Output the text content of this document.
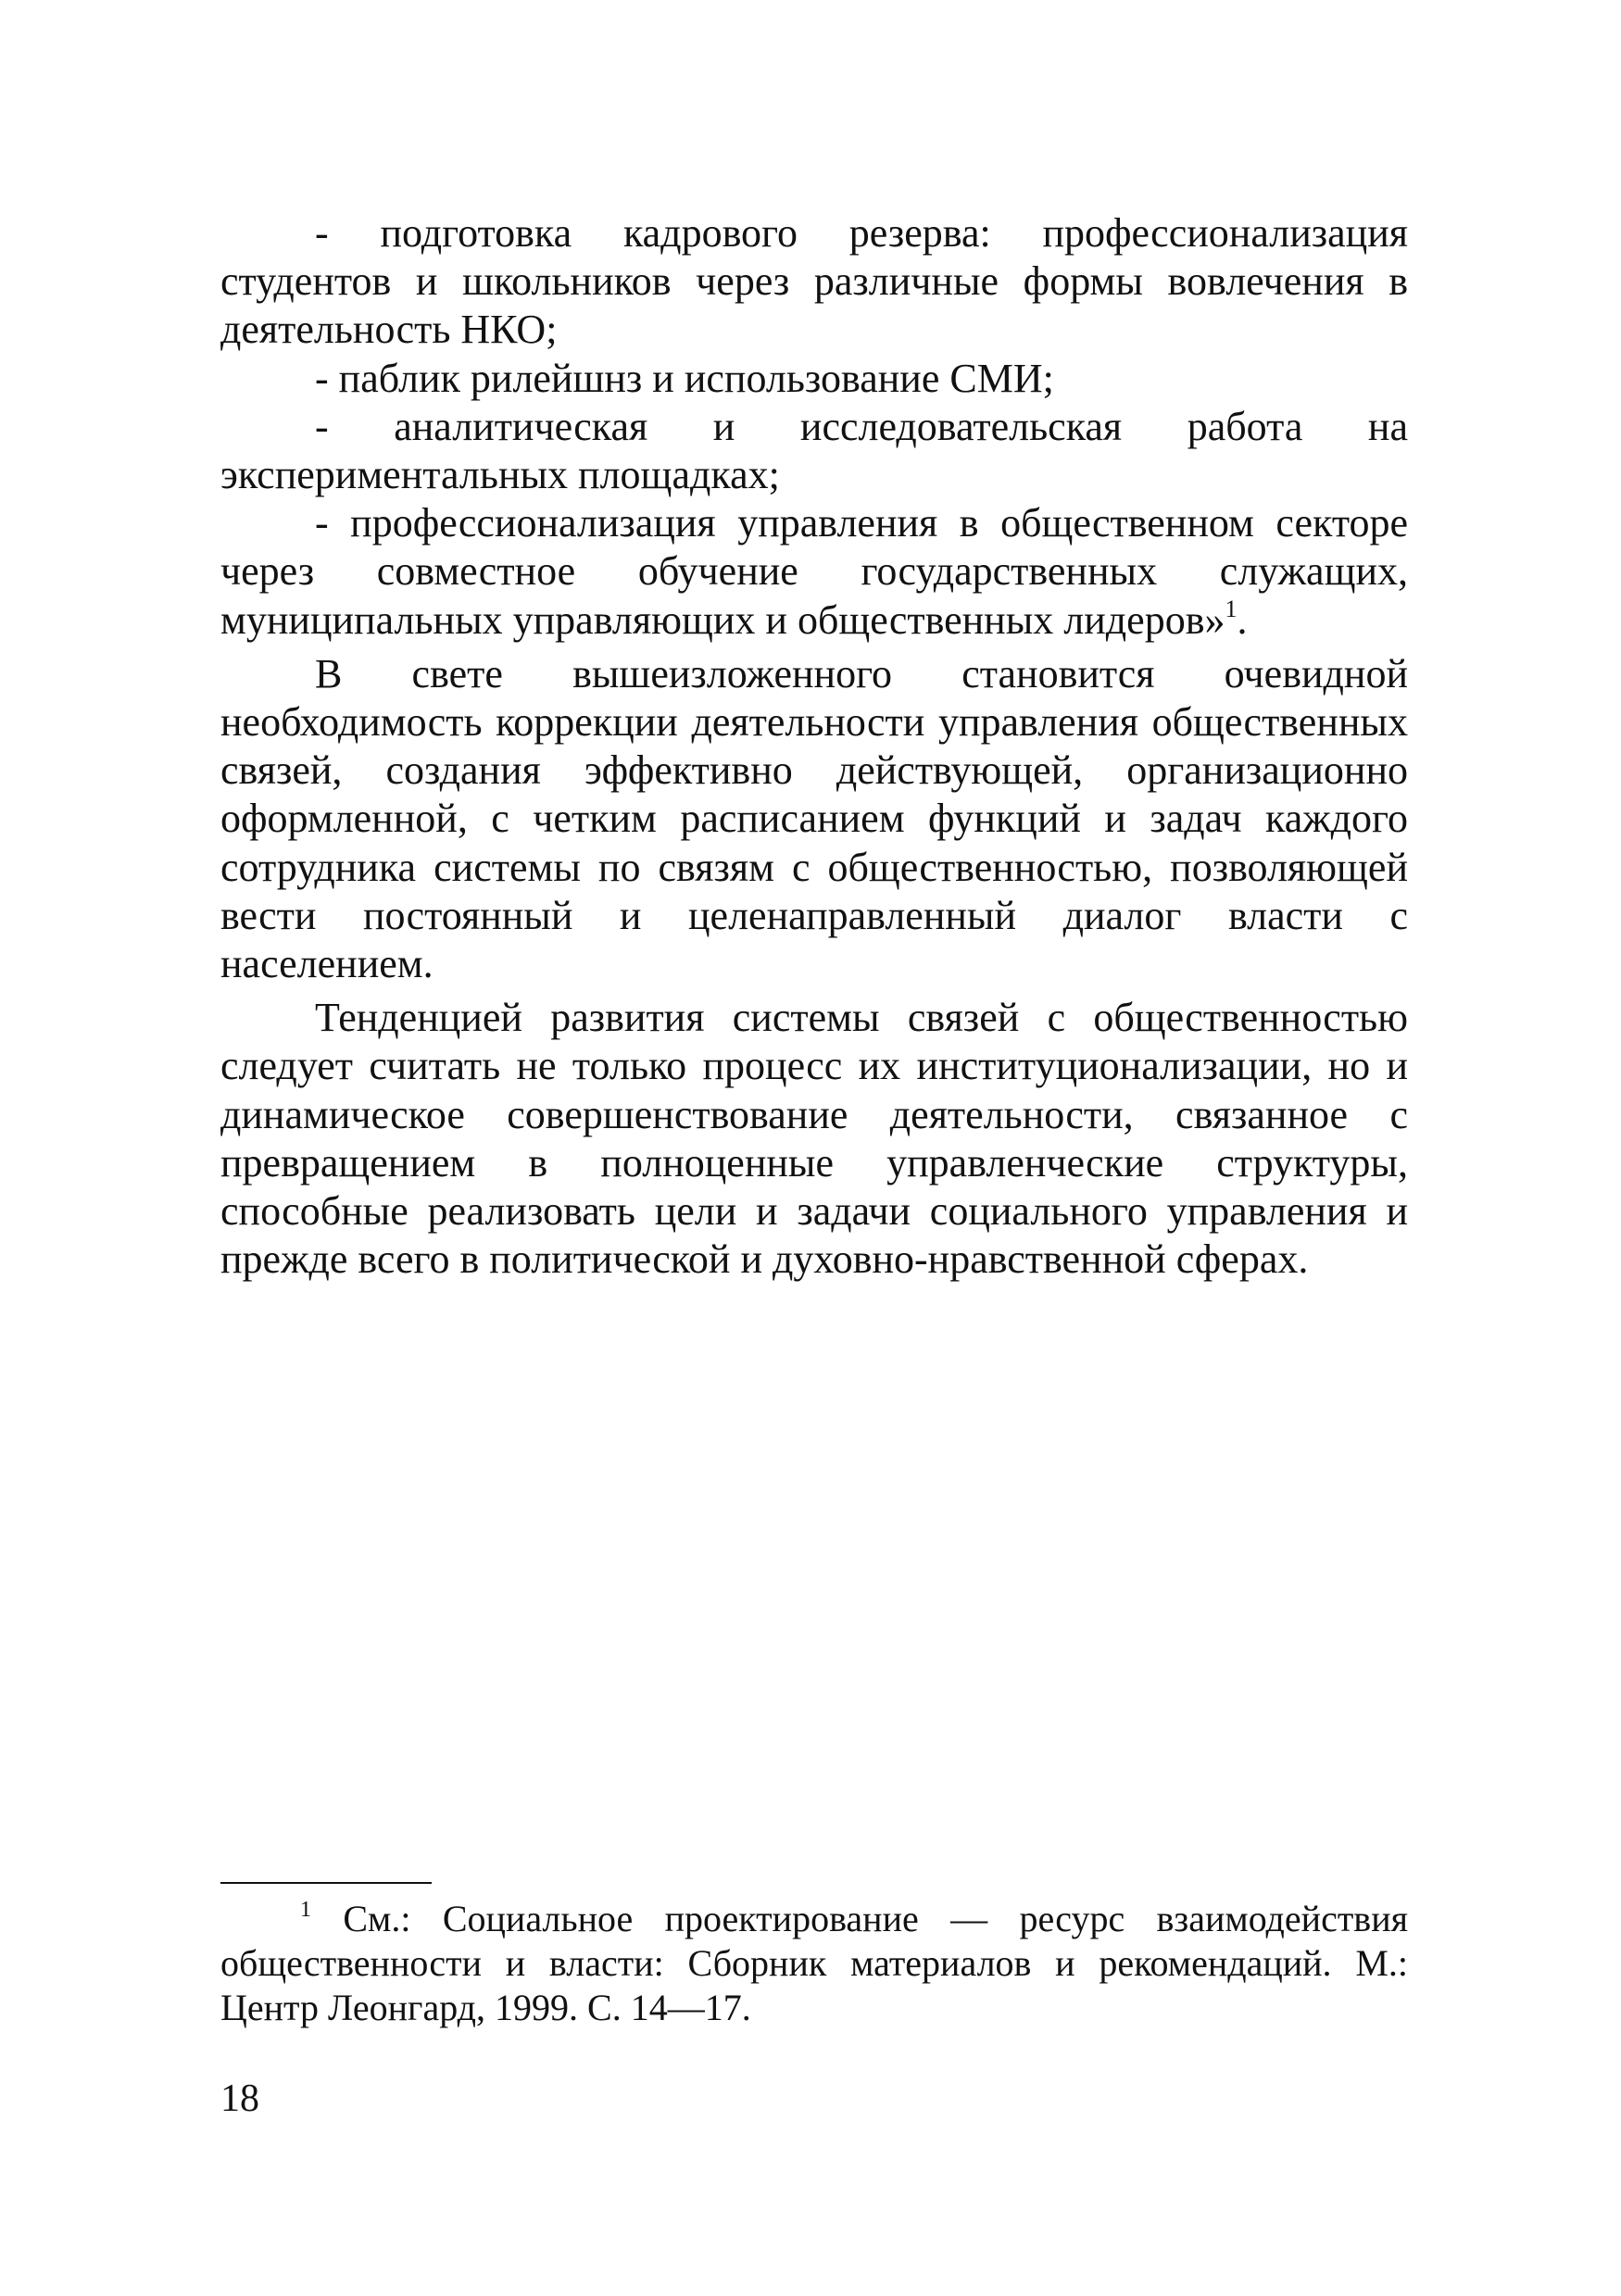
- подготовка кадрового резерва: профессионализация студентов и школьников через различные формы вовлечения в деятельность НКО;

- паблик рилейшнз и использование СМИ;

- аналитическая и исследовательская работа на экспериментальных площадках;

- профессионализация управления в общественном секторе через совместное обучение государственных служащих, муниципальных управляющих и общественных лидеров»$^1$.

В свете вышеизложенного становится очевидной необходимость коррекции деятельности управления общественных связей, создания эффективно действующей, организационно оформленной, с четким расписанием функций и задач каждого сотрудника системы по связям с общественностью, позволяющей вести постоянный и целенаправленный диалог власти с населением.

Тенденцией развития системы связей с общественностью следует считать не только процесс их институционализации, но и динамическое совершенствование деятельности, связанное с превращением в полноценные управленческие структуры, способные реализовать цели и задачи социального управления и прежде всего в политической и духовно-нравственной сферах.

$^1$ См.: Социальное проектирование — ресурс взаимодействия общественности и власти: Сборник материалов и рекомендаций. М.: Центр Леонгард, 1999. С. 14—17.

18
